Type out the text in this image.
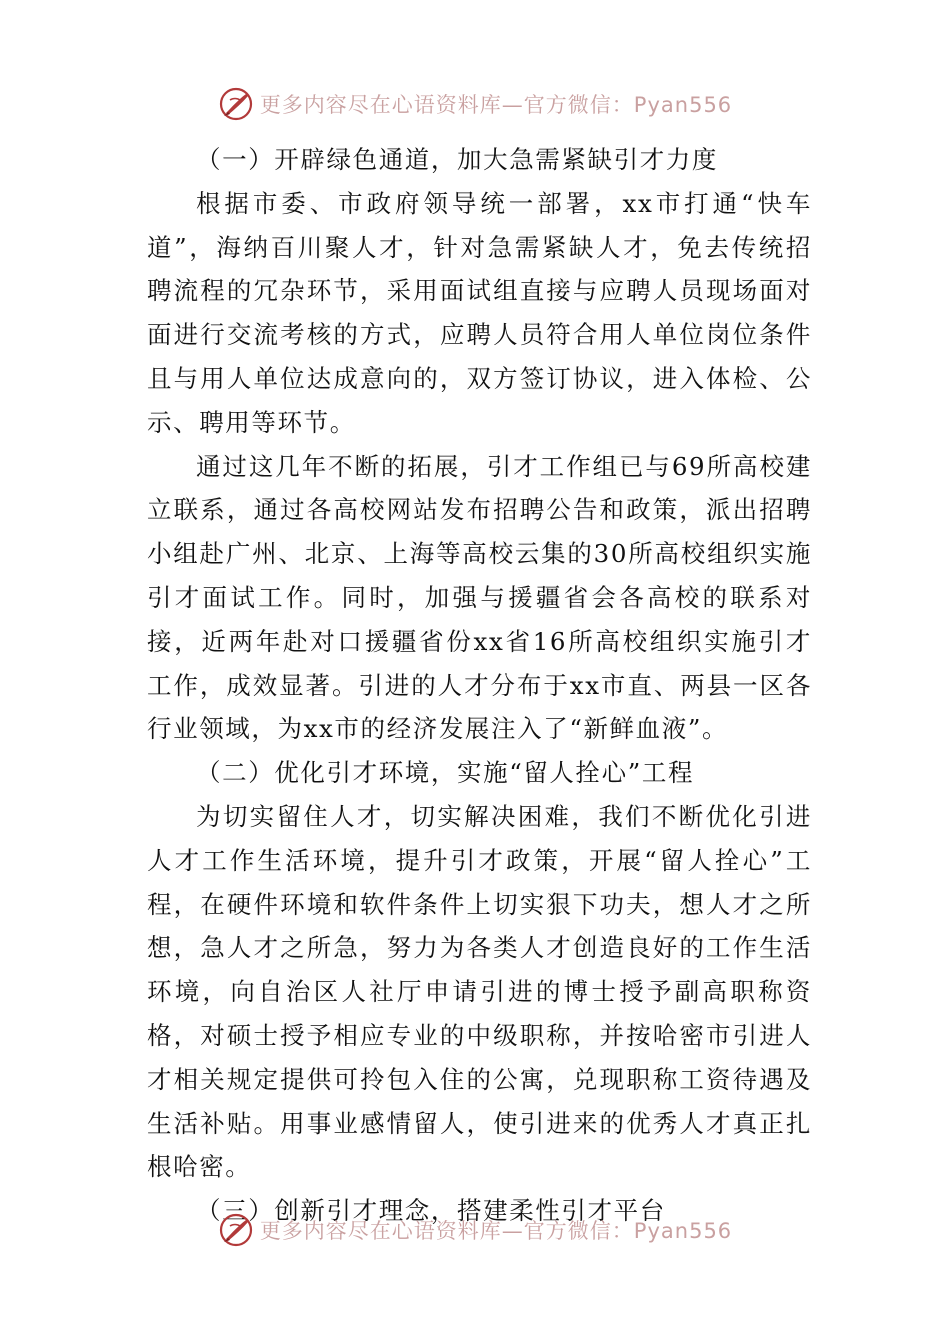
更多内容尽在心语资料库—官方微信：Pyan556

（一）开辟绿色通道，加大急需紧缺引才力度

根据市委、市政府领导统一部署，xx市打通“快车道”，海纳百川聚人才，针对急需紧缺人才，免去传统招聘流程的冗杂环节，采用面试组直接与应聘人员现场面对面进行交流考核的方式，应聘人员符合用人单位岗位条件且与用人单位达成意向的，双方签订协议，进入体检、公示、聘用等环节。

通过这几年不断的拓展，引才工作组已与69所高校建立联系，通过各高校网站发布招聘公告和政策，派出招聘小组赴广州、北京、上海等高校云集的30所高校组织实施引才面试工作。同时，加强与援疆省会各高校的联系对接，近两年赴对口援疆省份xx省16所高校组织实施引才工作，成效显著。引进的人才分布于xx市直、两县一区各行业领域，为xx市的经济发展注入了“新鲜血液”。

（二）优化引才环境，实施“留人拴心”工程

为切实留住人才，切实解决困难，我们不断优化引进人才工作生活环境，提升引才政策，开展“留人拴心”工程，在硬件环境和软件条件上切实狠下功夫，想人才之所想，急人才之所急，努力为各类人才创造良好的工作生活环境，向自治区人社厅申请引进的博士授予副高职称资格，对硕士授予相应专业的中级职称，并按哈密市引进人才相关规定提供可拎包入住的公寓，兑现职称工资待遇及生活补贴。用事业感情留人，使引进来的优秀人才真正扎根哈密。

（三）创新引才理念，搭建柔性引才平台

更多内容尽在心语资料库—官方微信：Pyan556
